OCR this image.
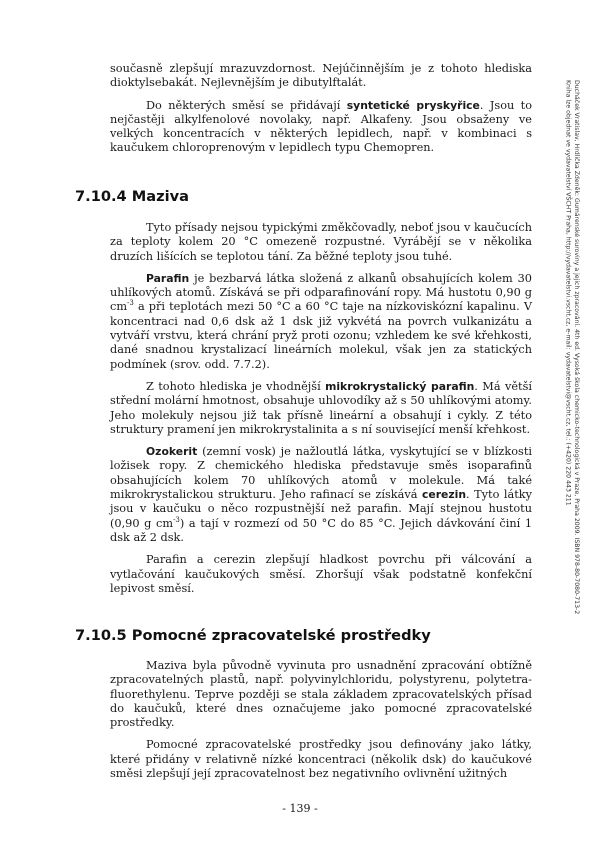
současně zlepšují mrazuvzdornost. Nejúčinnějším je z tohoto hlediska dioktylsebakát. Nejlevnějším je dibutylftalát.

Do některých směsí se přidávají syntetické pryskyřice. Jsou to nejčastěji alkylfenolové novolaky, např. Alkafeny. Jsou obsaženy ve velkých koncentracích v některých lepidlech, např. v kombinaci s kaučukem chloroprenovým v lepidlech typu Chemopren.

7.10.4 Maziva

Tyto přísady nejsou typickými změkčovadly, neboť jsou v kaučucích za teploty kolem 20 °C omezeně rozpustné. Vyrábějí se v několika druzích lišících se teplotou tání. Za běžné teploty jsou tuhé.

Parafin je bezbarvá látka složená z alkanů obsahujících kolem 30 uhlíkových atomů. Získává se při odparafinování ropy. Má hustotu 0,90 g $cm^{-3}$ a při teplotách mezi 50 °C a 60 °C taje na nízkoviskózní kapalinu. V koncentraci nad 0,6 dsk až 1 dsk již vykvétá na povrch vulkanizátu a vytváří vrstvu, která chrání pryž proti ozonu; vzhledem ke své křehkosti, dané snadnou krystalizací lineárních molekul, však jen za statických podmínek (srov. odd. 7.7.2).

Z tohoto hlediska je vhodnější mikrokrystalický parafin. Má větší střední molární hmotnost, obsahuje uhlovodíky až s 50 uhlíkovými atomy. Jeho molekuly nejsou již tak přísně lineární a obsahují i cykly. Z této struktury pramení jen mikrokrystalinita a s ní související menší křehkost.

Ozokerit (zemní vosk) je nažloutlá látka, vyskytující se v blízkosti ložisek ropy. Z chemického hlediska představuje směs isoparafinů obsahujících kolem 70 uhlíkových atomů v molekule. Má také mikrokrystalickou strukturu. Jeho rafinací se získává cerezin. Tyto látky jsou v kaučuku o něco rozpustnější než parafin. Mají stejnou hustotu (0,90 g $cm^{-3}$) a tají v rozmezí od 50 °C do 85 °C. Jejich dávkování činí 1 dsk až 2 dsk.

Parafin a cerezin zlepšují hladkost povrchu při válcování a vytlačování kaučukových směsí. Zhoršují však podstatně konfekční lepivost směsí.

7.10.5 Pomocné zpracovatelské prostředky

Maziva byla původně vyvinuta pro usnadnění zpracování obtížně zpracovatelných plastů, např. polyvinylchloridu, polystyrenu, polytetra-fluorethylenu. Teprve později se stala základem zpracovatelských přísad do kaučuků, které dnes označujeme jako pomocné zpracovatelské prostředky.

Pomocné zpracovatelské prostředky jsou definovány jako látky, které přidány v relativně nízké koncentraci (několik dsk) do kaučukové směsi zlepšují její zpracovatelnost bez negativního ovlivnění užitných

Ducháček Vratislav, Hrdlička Zdeněk: Gumárenské suroviny a jejich zpracování. 4th ed. Vysoká škola chemicko-technologická v Praze, Praha 2009. ISBN 978-80-7080-713-2
Kniha lze objednat ve vydavatelství VŠCHT Praha, http://vydavatelstvi.vscht.cz, e-mail: vydavatelstvi@vscht.cz, tel.: (+420) 220 443 211
- 139 -
